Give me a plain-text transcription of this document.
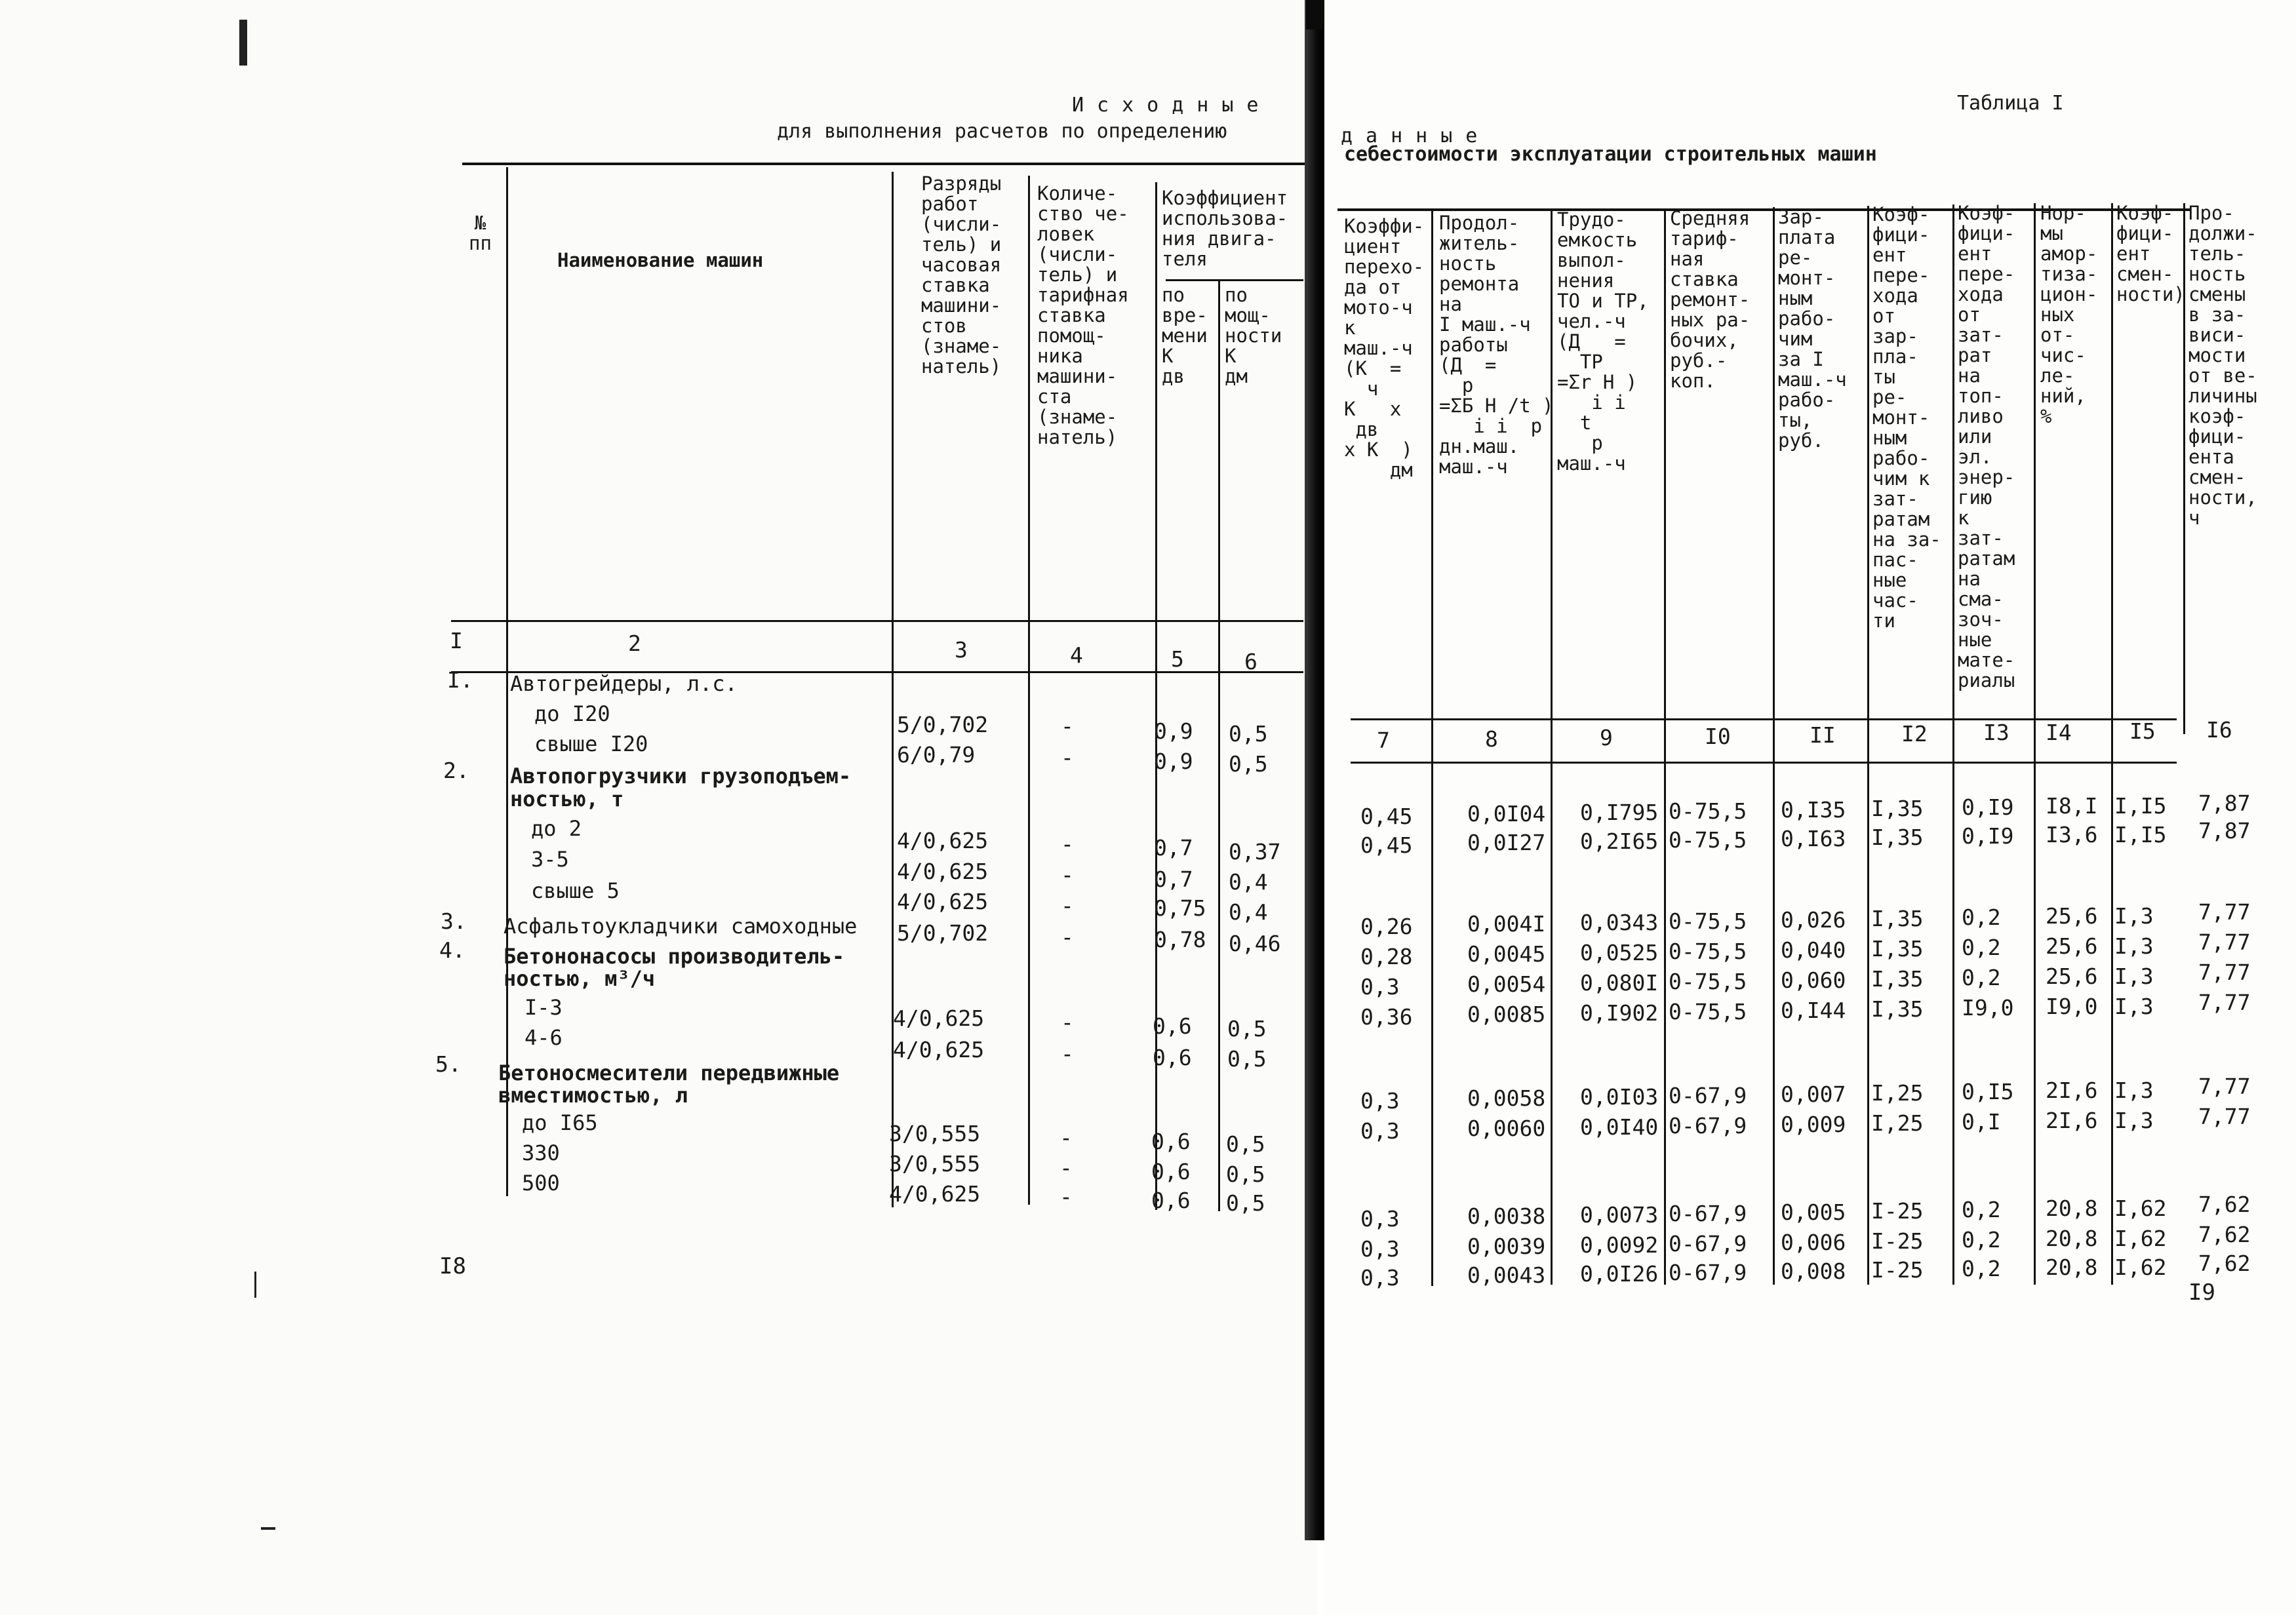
Исходные
для выполнения расчетов по определению
№
пп
Наименование машин
Разряды
работ
(числи-
тель) и
часовая
ставка
машини-
стов
(знаме-
натель)
Количе-
ство че-
ловек
(числи-
тель) и
тарифная
ставка
помощ-
ника
машини-
ста
(знаме-
натель)
Коэффициент
использова-
ния двига-
теля
по
вре-
мени
К
дв
по
мощ-
ности
К
дм
I	2	3	4	5	6
I. Автогрейдеры, л.с.
до I20	5/0,702	-	0,9 0,5
свыше I20	6/0,79	-	0,9 0,5
2. Автопогрузчики грузоподъем-
ностью, т
до 2	4/0,625	-	0,7 0,37
3-5	4/0,625	-	0,7 0,4
свыше 5	4/0,625	-	0,75 0,4
3. Асфальтоукладчики самоходные 5/0,702	-	0,78 0,46
4. Бетононасосы производитель-
ностью, м³/ч
I-3	4/0,625	-	0,6 0,5
4-6	4/0,625	-	0,6 0,5
5. Бетоносмесители передвижные
вместимостью, л
до I65	3/0,555	-	0,6 0,5
330	3/0,555	-	0,6 0,5
500	4/0,625	-	0,6 0,5
I8
Таблица I
данные
себестоимости эксплуатации строительных машин
Коэффи-
циент
перехо-
да от
мото-ч
к
маш.-ч
(К  =
ч
К   х
дв
х К  )
дм
Продол-
житель-
ность
ремонта
на
I маш.-ч
работы
(Д  =
р
=ΣБ Н /t )
i i  р
дн.маш.
маш.-ч
Трудо-
емкость
выпол-
нения
ТО и ТР,
чел.-ч
(Д   =
ТР
=Σr Н )
i i
t
р
маш.-ч
Средняя
тариф-
ная
ставка
ремонт-
ных ра-
бочих,
руб.-
коп.
Зар-
плата
ре-
монт-
ным
рабо-
чим
за I
маш.-ч
рабо-
ты,
руб.
Коэф-
фици-
ент
пере-
хода
от
зар-
пла-
ты
ре-
монт-
ным
рабо-
чим к
зат-
ратам
на за-
пас-
ные
час-
ти
Коэф-
фици-
ент
пере-
хода
от
зат-
рат
на
топ-
ливо
или
эл.
энер-
гию
к
зат-
ратам
на
сма-
зоч-
ные
мате-
риалы
Нор-
мы
амор-
тиза-
цион-
ных
от-
чис-
ле-
ний,
%
Коэф-
фици-
ент
смен-
ности)
Про-
должи-
тель-
ность
смены
в за-
виси-
мости
от ве-
личины
коэф-
фици-
ента
смен-
ности,
ч
7	8	9	I0	II	I2	I3 I4	I5 I6
0,45	0,0I04 0,I795 0-75,5 0,I35 I,35 0,I9 I8,I I,I5 7,87
0,45	0,0I27 0,2I65 0-75,5 0,I63 I,35 0,I9 I3,6 I,I5 7,87
0,26	0,004I 0,0343 0-75,5 0,026 I,35 0,2 25,6 I,3 7,77
0,28	0,0045 0,0525 0-75,5 0,040 I,35 0,2 25,6 I,3 7,77
0,3	0,0054 0,080I 0-75,5 0,060 I,35 0,2 25,6 I,3 7,77
0,36	0,0085 0,I902 0-75,5 0,I44 I,35 I9,0 I9,0 I,3 7,77
0,3	0,0058 0,0I03 0-67,9 0,007 I,25 0,I5 2I,6 I,3 7,77
0,3	0,0060 0,0I40 0-67,9 0,009 I,25 0,I 2I,6 I,3 7,77
0,3	0,0038 0,0073 0-67,9 0,005 I-25 0,2 20,8 I,62 7,62
0,3	0,0039 0,0092 0-67,9 0,006 I-25 0,2 20,8 I,62 7,62
0,3	0,0043 0,0I26 0-67,9 0,008 I-25 0,2 20,8 I,62 7,62
I9
